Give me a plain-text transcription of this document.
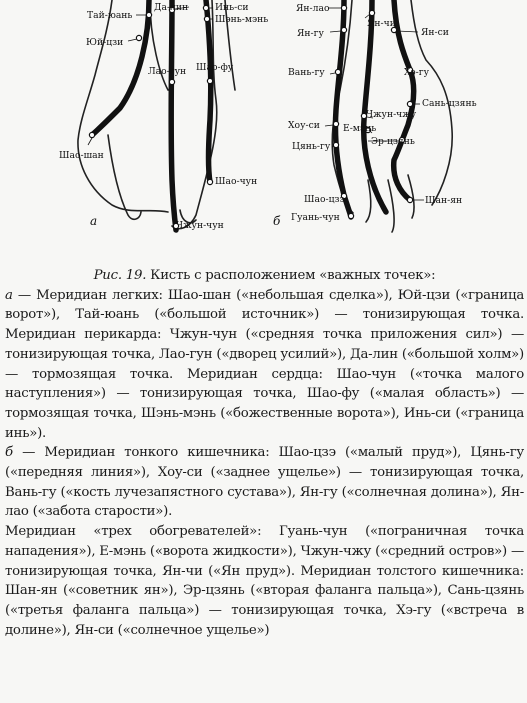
Тай-юань
Юй-цзи
Да-лин	Инь-си
Шэнь-мэнь
Лао-гун Шао-фу
Шао-шан
Шао-чун
Чжун-чун
а
Ян-лао
Ян-гу
Ян-чи
Ян-си
Вань-гу	Хэ-гу
Сань-цзянь
Чжун-чжу
Хоу-си	Е-мэнь
Эр-цзянь
Цянь-гу
Шао-цзэ	Шан-ян
Гуань-чун
б

Рис. 19. Кисть с расположением «важных точек»:

а — Меридиан легких: Шао-шан («небольшая сделка»), Юй-цзи («граница ворот»), Тай-юань («большой источник») — тонизирующая точка. Меридиан перикарда: Чжун-чун («средняя точка приложения сил») — тонизирующая точка, Лао-гун («дворец усилий»), Да-лин («большой холм») — тормозящая точка. Меридиан сердца: Шао-чун («точка малого наступления») — тонизирующая точка, Шао-фу («малая область») — тормозящая точка, Шэнь-мэнь («божественные ворота»), Инь-си («граница инь»).

б — Меридиан тонкого кишечника: Шао-цзэ («малый пруд»), Цянь-гу («передняя линия»), Хоу-си («заднее ущелье») — тонизирующая точка, Вань-гу («кость лучезапястного сустава»), Ян-гу («солнечная долина»), Ян-лао («забота старости»).

Меридиан «трех обогревателей»: Гуань-чун («пограничная точка нападения»), Е-мэнь («ворота жидкости»), Чжун-чжу («средний остров») — тонизирующая точка, Ян-чи («Ян пруд»). Меридиан толстого кишечника: Шан-ян («советник ян»), Эр-цзянь («вторая фаланга пальца»), Сань-цзянь («третья фаланга пальца») — тонизирующая точка, Хэ-гу («встреча в долине»), Ян-си («солнечное ущелье»)
